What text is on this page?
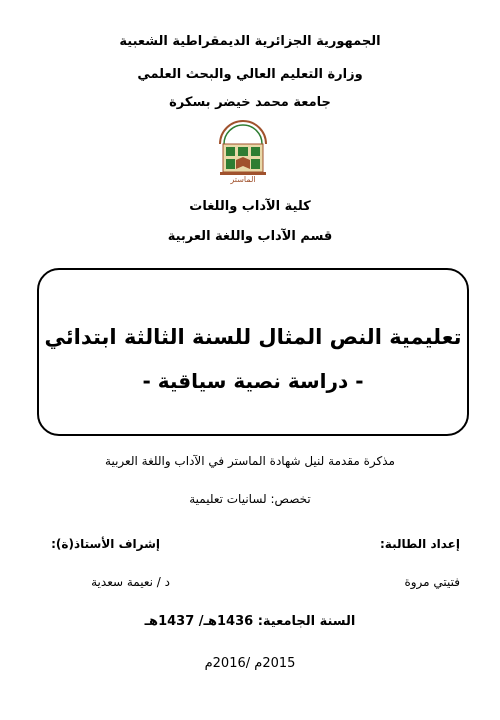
الجمهورية الجزائرية الديمقراطية الشعبية
وزارة التعليم العالي والبحث العلمي
جامعة محمد خيضر بسكرة
الماستر
كلية الآداب واللغات
قسم الآداب واللغة العربية
تعليمية النص المثال للسنة الثالثة ابتدائي
- دراسة نصية سياقية -
مذكرة مقدمة لنيل شهادة الماستر في الآداب واللغة العربية
تخصص: لسانيات تعليمية
إعداد الطالبة:
إشراف الأستاذ(ة):
فتيتي مروة
د / نعيمة سعدية
السنة الجامعية: 1436هـ/ 1437هـ
2015م /2016م
